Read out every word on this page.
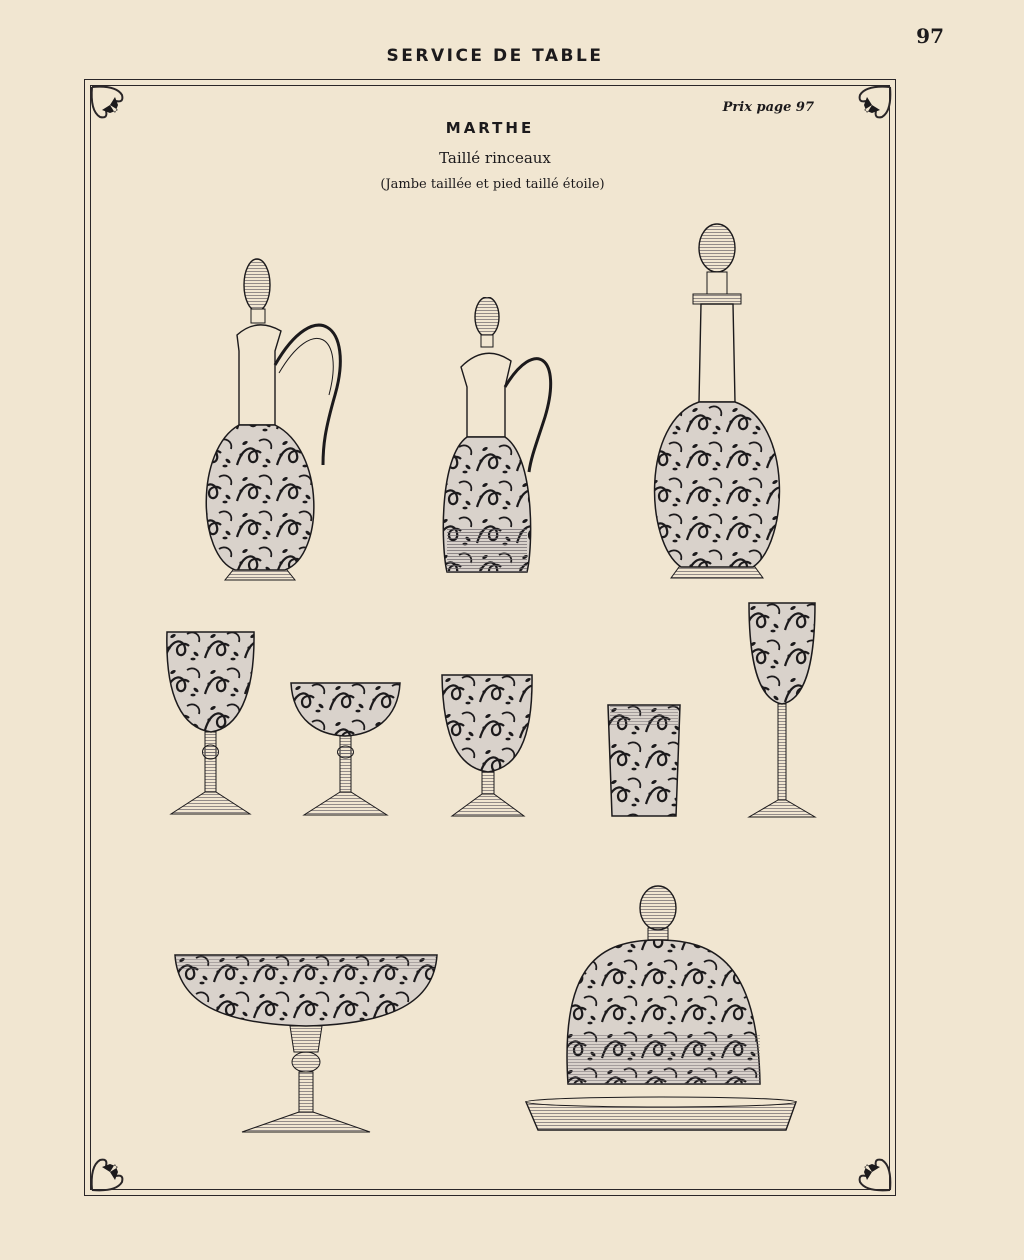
97
SERVICE DE TABLE
Prix page 97
MARTHE
Taillé rinceaux
(Jambe taillée et pied taillé étoile)
